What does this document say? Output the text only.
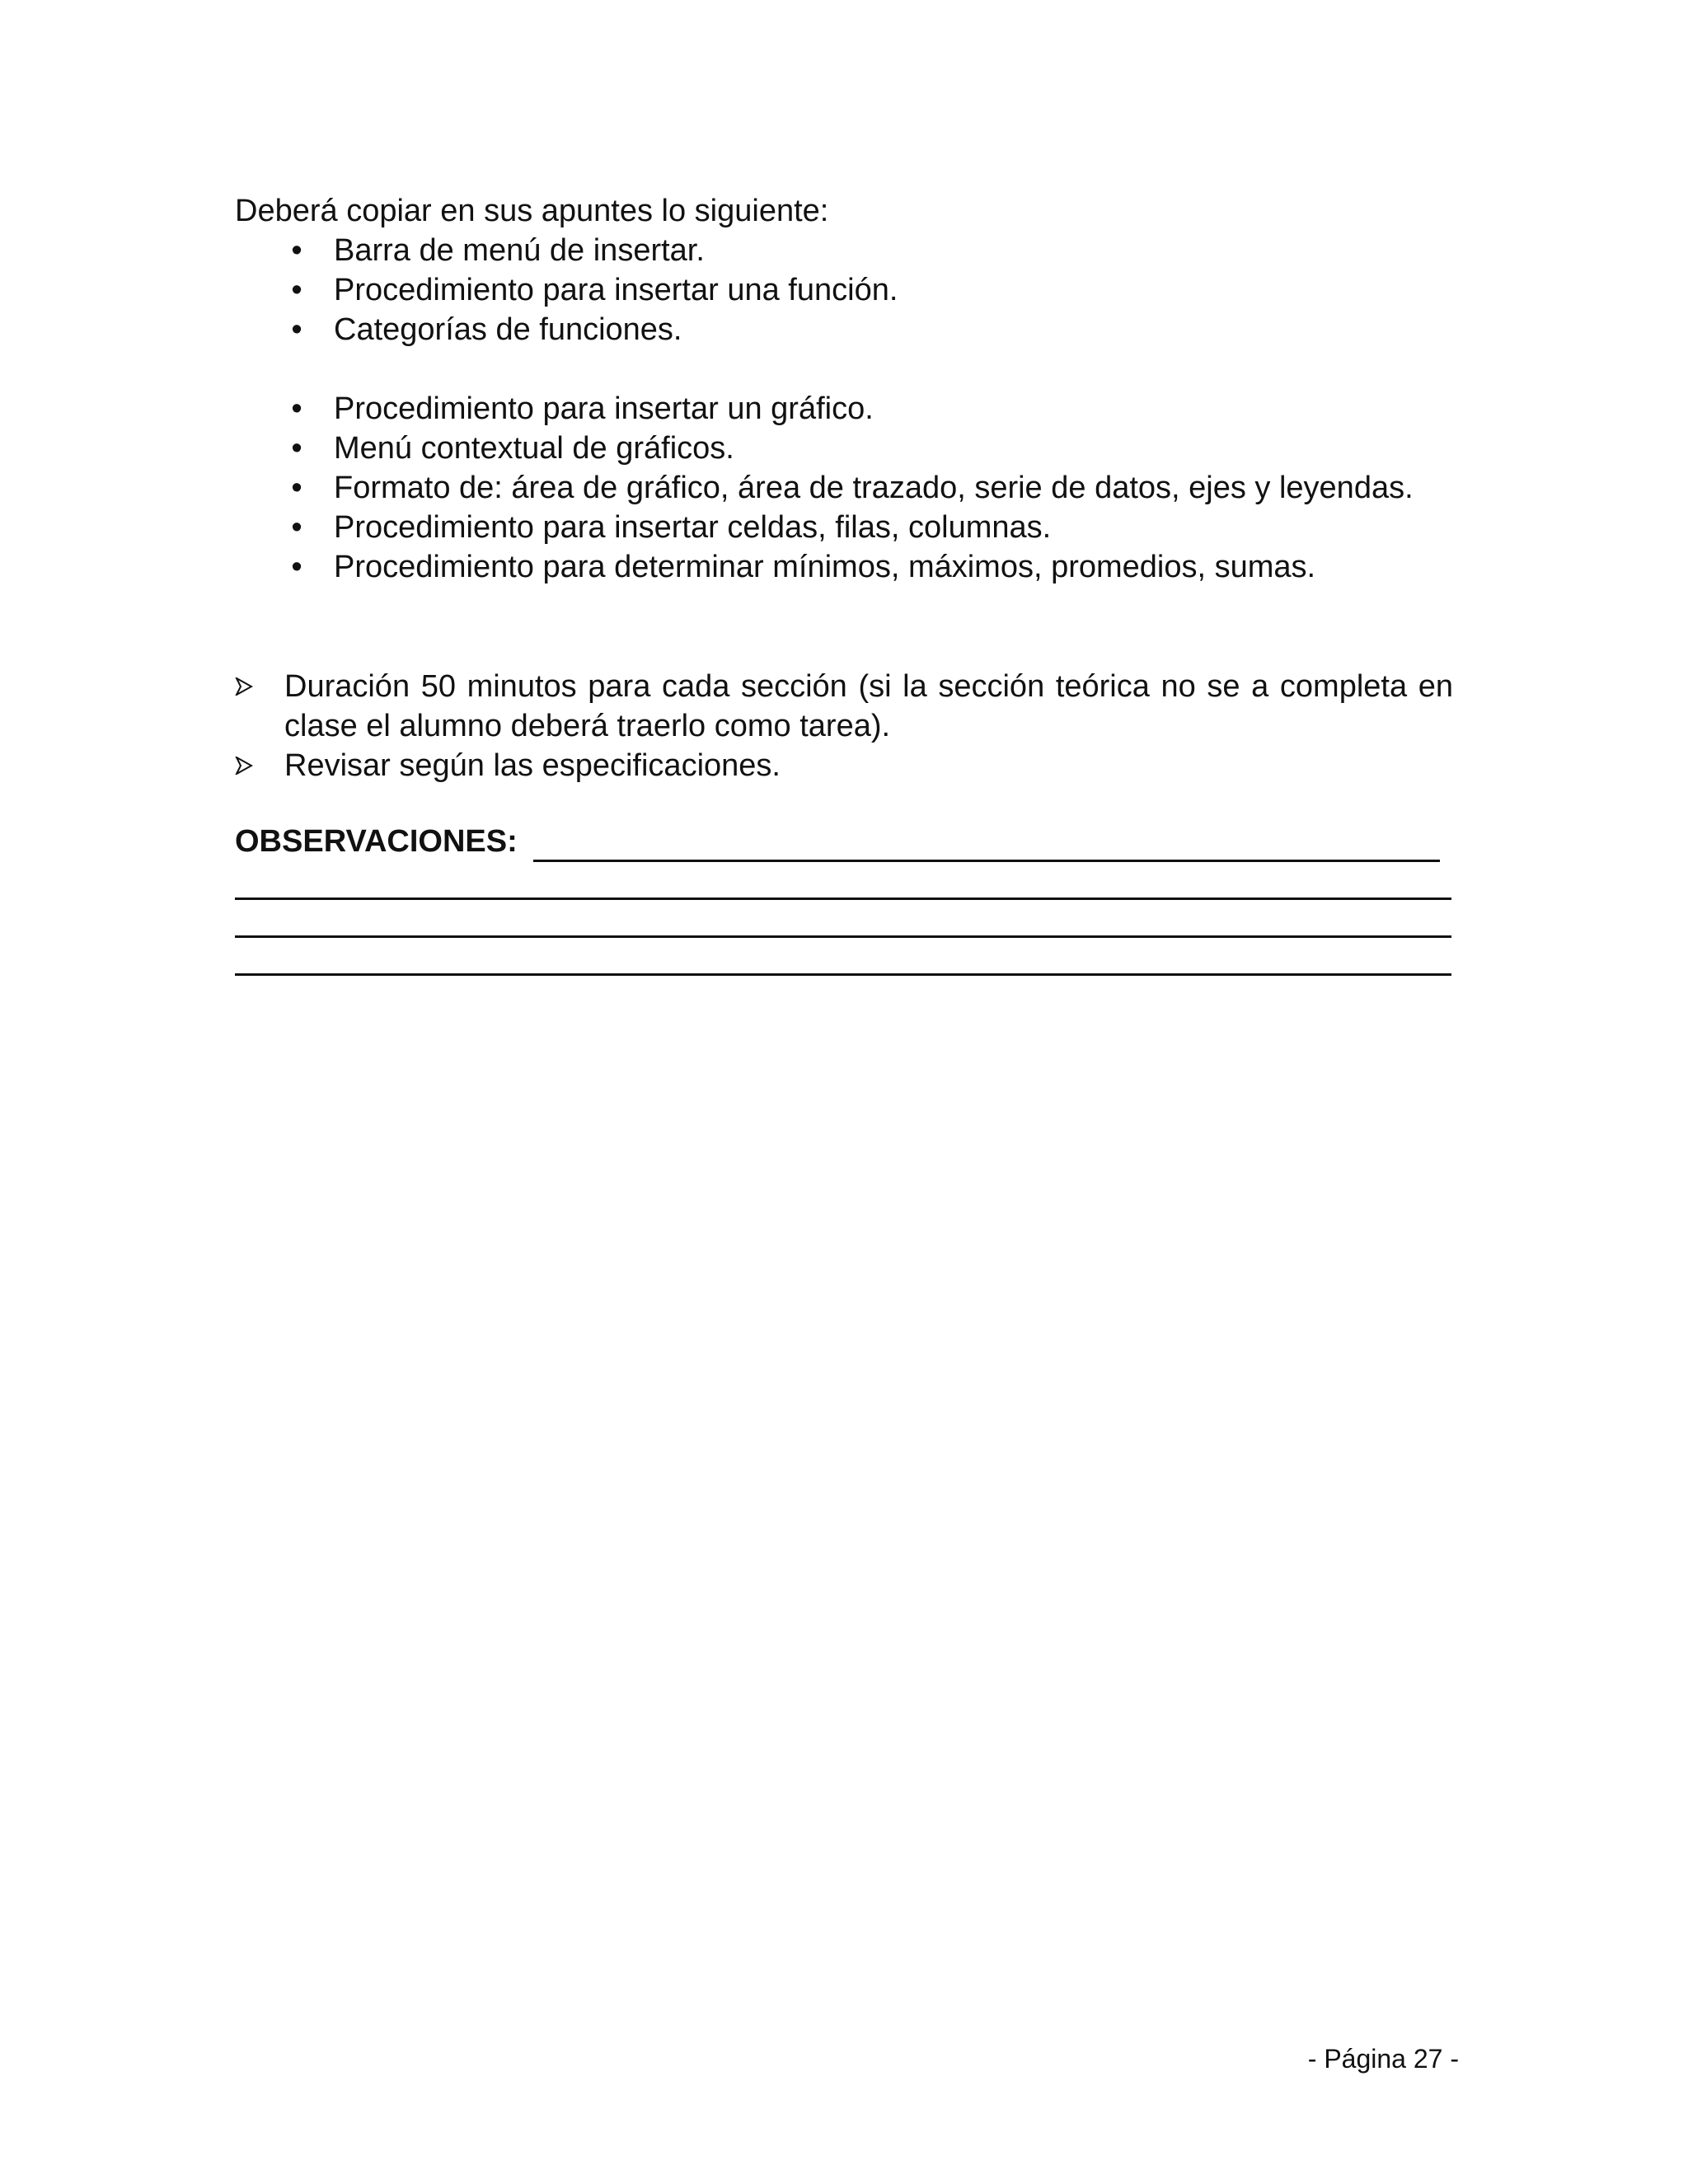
Deberá copiar en sus apuntes lo siguiente:

• Barra de menú de insertar.
• Procedimiento para insertar una función.
• Categorías de funciones.
• Procedimiento para insertar un gráfico.
• Menú contextual de gráficos.
• Formato de: área de gráfico, área de trazado, serie de datos, ejes y leyendas.
• Procedimiento para insertar celdas, filas, columnas.
• Procedimiento para determinar mínimos, máximos, promedios, sumas.
Duración 50 minutos para cada sección (si la sección teórica no se a completa en clase el alumno deberá traerlo como tarea).
Revisar según las especificaciones.
OBSERVACIONES:
- Página 27 -
